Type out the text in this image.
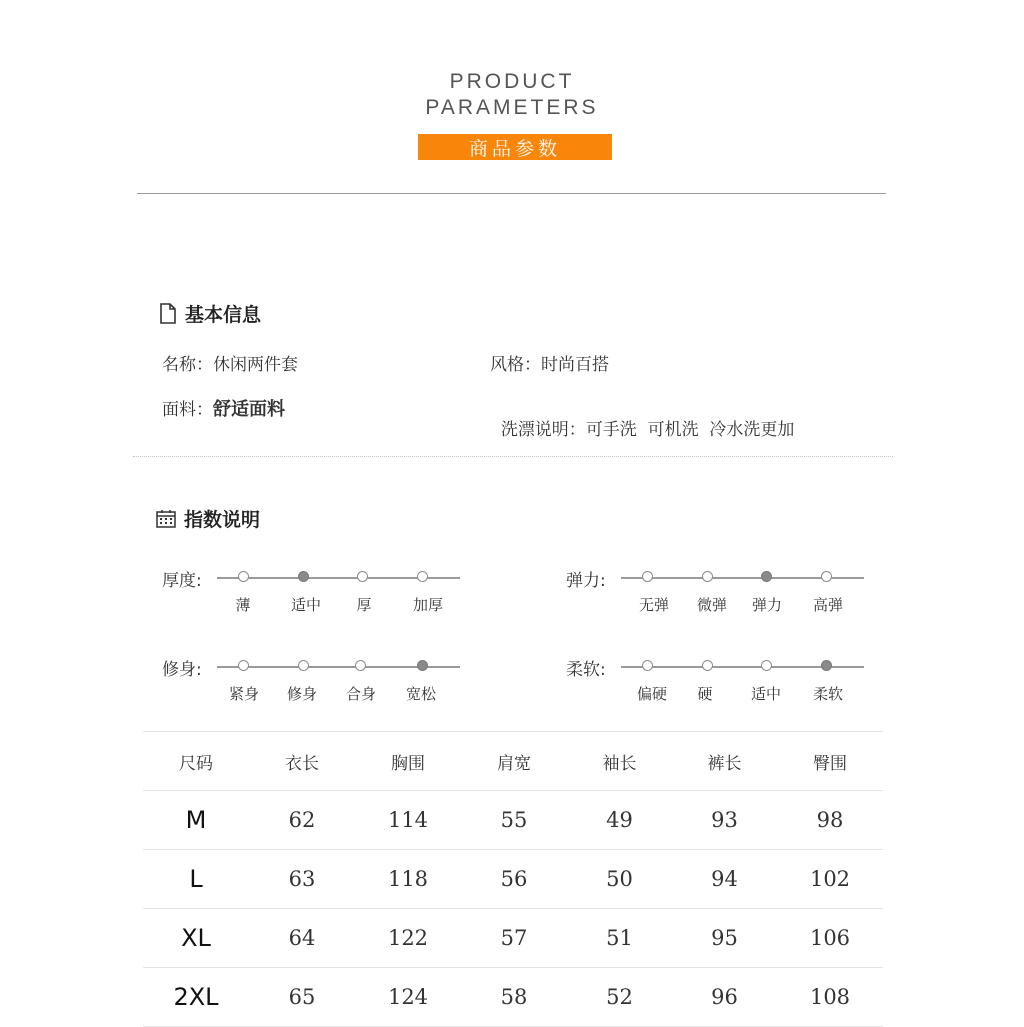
PRODUCT
PARAMETERS
商品参数
基本信息
名称：休闲两件套	风格：时尚百搭
面料：舒适面料

洗漂说明：可手洗  可机洗  冷水洗更加

指数说明
厚度:	弹力:
修身:	柔软:
尺码	衣长	胸围	肩宽	袖长	裤长	臀围
M	62	114	55	49	93	98
L	63	118	56	50	94	102
XL	64	122	57	51	95	106
2XL	65	124	58	52	96	108
薄	适中 厚	加厚	无弹 微弹 弹力 高弹
紧身 修身 合身 宽松	偏硬 硬	适中 柔软
